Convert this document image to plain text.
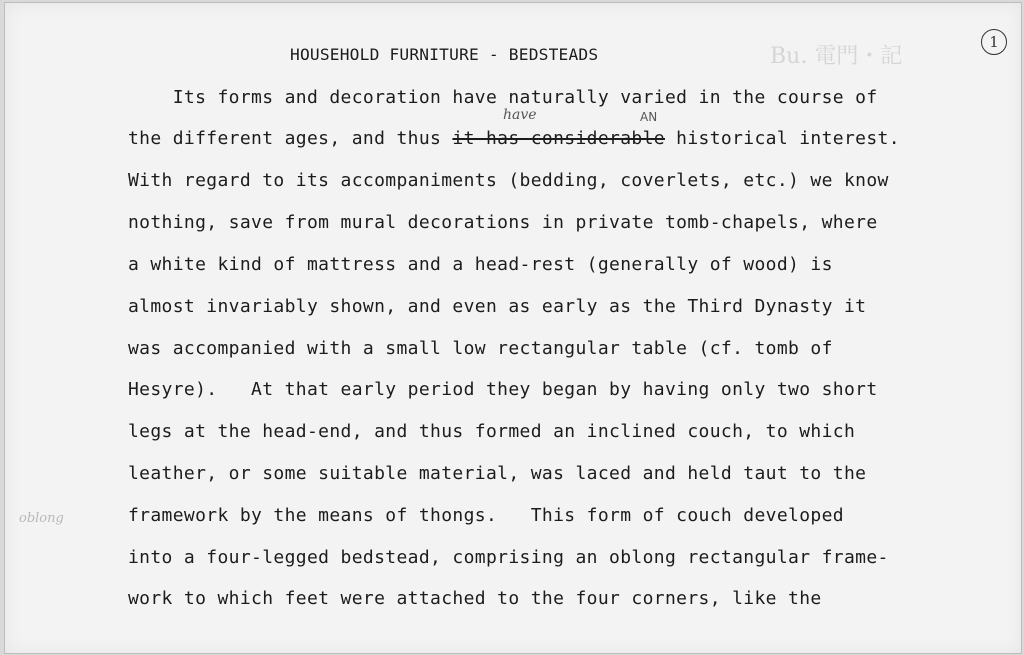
HOUSEHOLD FURNITURE - BEDSTEADS
1
Bu. 電門・記
have	AN
oblong
Its forms and decoration have naturally varied in the course of
the different ages, and thus it has considerable historical interest.
With regard to its accompaniments (bedding, coverlets, etc.) we know
nothing, save from mural decorations in private tomb-chapels, where
a white kind of mattress and a head-rest (generally of wood) is
almost invariably shown, and even as early as the Third Dynasty it
was accompanied with a small low rectangular table (cf. tomb of
Hesyre).   At that early period they began by having only two short
legs at the head-end, and thus formed an inclined couch, to which
leather, or some suitable material, was laced and held taut to the
framework by the means of thongs.   This form of couch developed
into a four-legged bedstead, comprising an oblong rectangular frame-
work to which feet were attached to the four corners, like the
